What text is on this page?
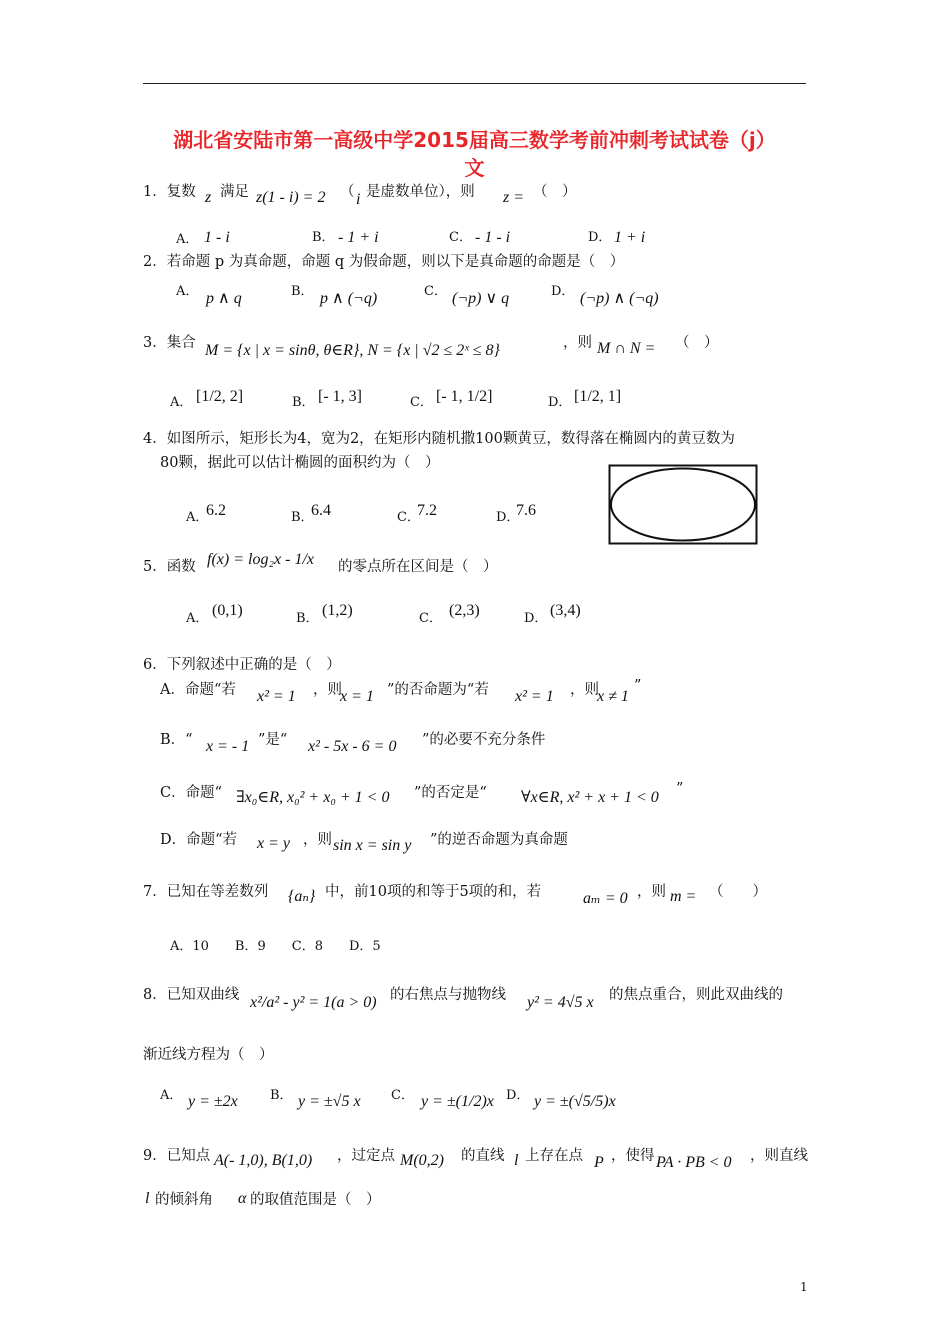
湖北省安陆市第一高级中学2015届高三数学考前冲刺考试试卷（j）
文
1．复数 z 满足 z(1 - i) = 2 （ i 是虚数单位），则 z = （　）
A． 1 - i	B． - 1 + i	C． - 1 - i	D． 1 + i
2．若命题 p 为真命题，命题 q 为假命题，则以下是真命题的命题是（　）
A． p ∧ q	B． p ∧ (¬q)	C． (¬p) ∨ q	D． (¬p) ∧ (¬q)
3．集合 M = {x | x = sinθ, θ∈R}, N = {x | √2 ≤ 2ˣ ≤ 8}	，则 M ∩ N = （　）
A． [1/2, 2]	B． [- 1, 3]	C． [- 1, 1/2]	D． [1/2, 1]
4．如图所示，矩形长为4，宽为2，在矩形内随机撒100颗黄豆，数得落在椭圆内的黄豆数为
80颗，据此可以估计椭圆的面积约为（　）
A．
6.2	B．
6.4	C．
7.2	D．
7.6
5．函数 f(x) = log₂x - 1/x 的零点所在区间是（　）
A． (0,1)	B． (1,2)	C． (2,3)	D． (3,4)
6．下列叙述中正确的是（　）
A．命题“若 x² = 1 ，则
x = 1 ”的否命题为“若 x² = 1 ，则
x ≠ 1
”
B．“ x = - 1 ”是“ x² - 5x - 6 = 0 ”的必要不充分条件
C．命题“ ∃x₀∈R, x₀² + x₀ + 1 < 0 ”的否定是“ ∀x∈R, x² + x + 1 < 0 ”
D．命题“若 x = y ，则 sin x = sin y ”的逆否命题为真命题
7．已知在等差数列 {aₙ} 中，前10项的和等于5项的和，若	aₘ = 0 ，则 m = （　　）
A．10　　B．9　　C．8　　D．5
8．已知双曲线 x²/a² - y² = 1(a > 0) 的右焦点与抛物线 y² = 4√5 x 的焦点重合，则此双曲线的
渐近线方程为（　）
A． y = ±2x B． y = ±√5 x C． y = ±(1/2)x D． y = ±(√5/5)x
9．已知点 A(- 1,0), B(1,0) ，过定点 M(0,2) 的直线 l 上存在点 P ，使得 PA · PB < 0 ，则直线
l 的倾斜角 α 的取值范围是（　）
1
